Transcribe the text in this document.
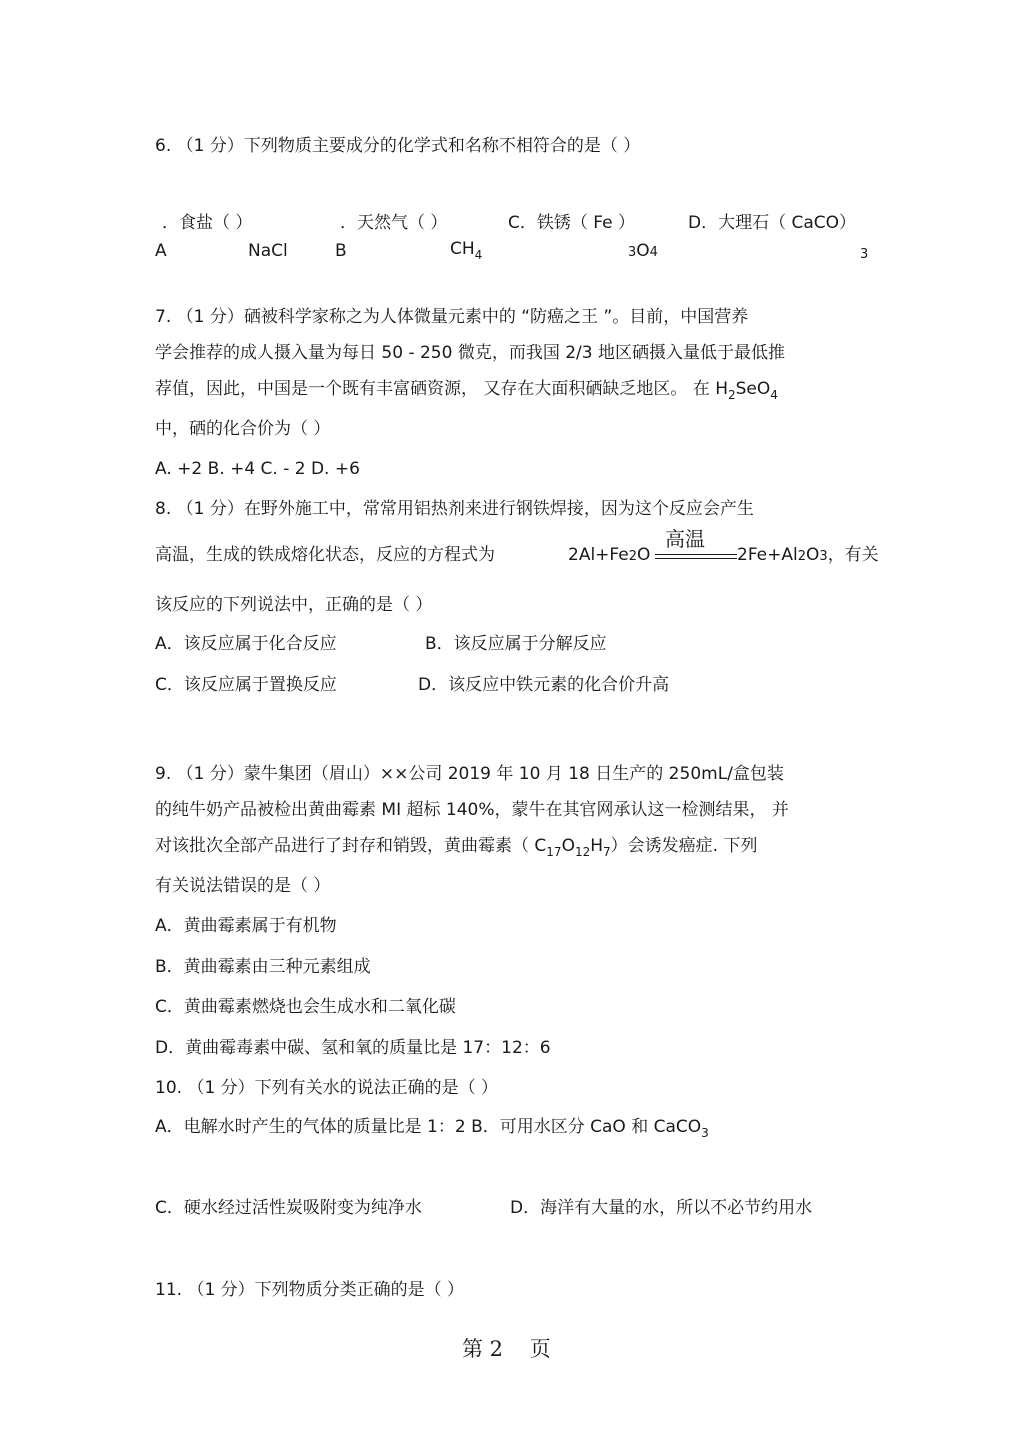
6. （1 分）下列物质主要成分的化学式和名称不相符合的是（ ）
．食盐（ ）	．天然气（ ）	C．铁锈（ Fe ）	D．大理石（ CaCO）
A	NaCl	B	$CH_4$	3O4	3
7. （1 分）硒被科学家称之为人体微量元素中的 “防癌之王 ”。目前，中国营养
学会推荐的成人摄入量为每日 50 - 250 微克，而我国 2/3 地区硒摄入量低于最低推
荐值，因此，中国是一个既有丰富硒资源， 又存在大面积硒缺乏地区。 在 $H_2SeO_4$
中，硒的化合价为（ ）
A. +2 B. +4 C. - 2 D. +6
8. （1 分）在野外施工中，常常用铝热剂来进行钢铁焊接，因为这个反应会产生
高温，生成的铁成熔化状态，反应的方程式为	2Al+Fe2O
高温
2Fe+Al2O3，有关
该反应的下列说法中，正确的是（ ）
A．该反应属于化合反应	B．该反应属于分解反应
C．该反应属于置换反应	D．该反应中铁元素的化合价升高
9. （1 分）蒙牛集团（眉山）××公司 2019 年 10 月 18 日生产的 250mL/盒包装
的纯牛奶产品被检出黄曲霉素 MI 超标 140%，蒙牛在其官网承认这一检测结果， 并
对该批次全部产品进行了封存和销毁，黄曲霉素（ $C_{17}O_{12}H_7$）会诱发癌症. 下列
有关说法错误的是（ ）
A．黄曲霉素属于有机物
B．黄曲霉素由三种元素组成
C．黄曲霉素燃烧也会生成水和二氧化碳
D．黄曲霉毒素中碳、氢和氧的质量比是 17：12：6
10. （1 分）下列有关水的说法正确的是（ ）
A．电解水时产生的气体的质量比是 1：2 B．可用水区分 CaO 和 CaCO$_3$
C．硬水经过活性炭吸附变为纯净水	D．海洋有大量的水，所以不必节约用水
11. （1 分）下列物质分类正确的是（ ）
第 2    页
